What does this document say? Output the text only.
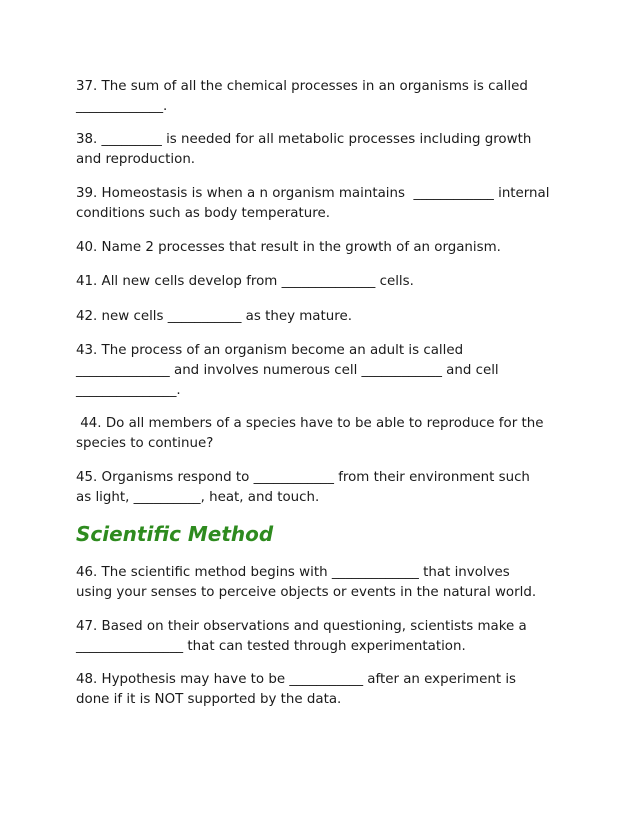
37. The sum of all the chemical processes in an organisms is called
_____________.

38. _________ is needed for all metabolic processes including growth
and reproduction.

39. Homeostasis is when a n organism maintains  ____________ internal
conditions such as body temperature.

40. Name 2 processes that result in the growth of an organism.

41. All new cells develop from ______________ cells.

42. new cells ___________ as they mature.

43. The process of an organism become an adult is called
______________ and involves numerous cell ____________ and cell
_______________.

44. Do all members of a species have to be able to reproduce for the
species to continue?

45. Organisms respond to ____________ from their environment such
as light, __________, heat, and touch.

Scientific Method

46. The scientific method begins with _____________ that involves
using your senses to perceive objects or events in the natural world.

47. Based on their observations and questioning, scientists make a
________________ that can tested through experimentation.

48. Hypothesis may have to be ___________ after an experiment is
done if it is NOT supported by the data.
